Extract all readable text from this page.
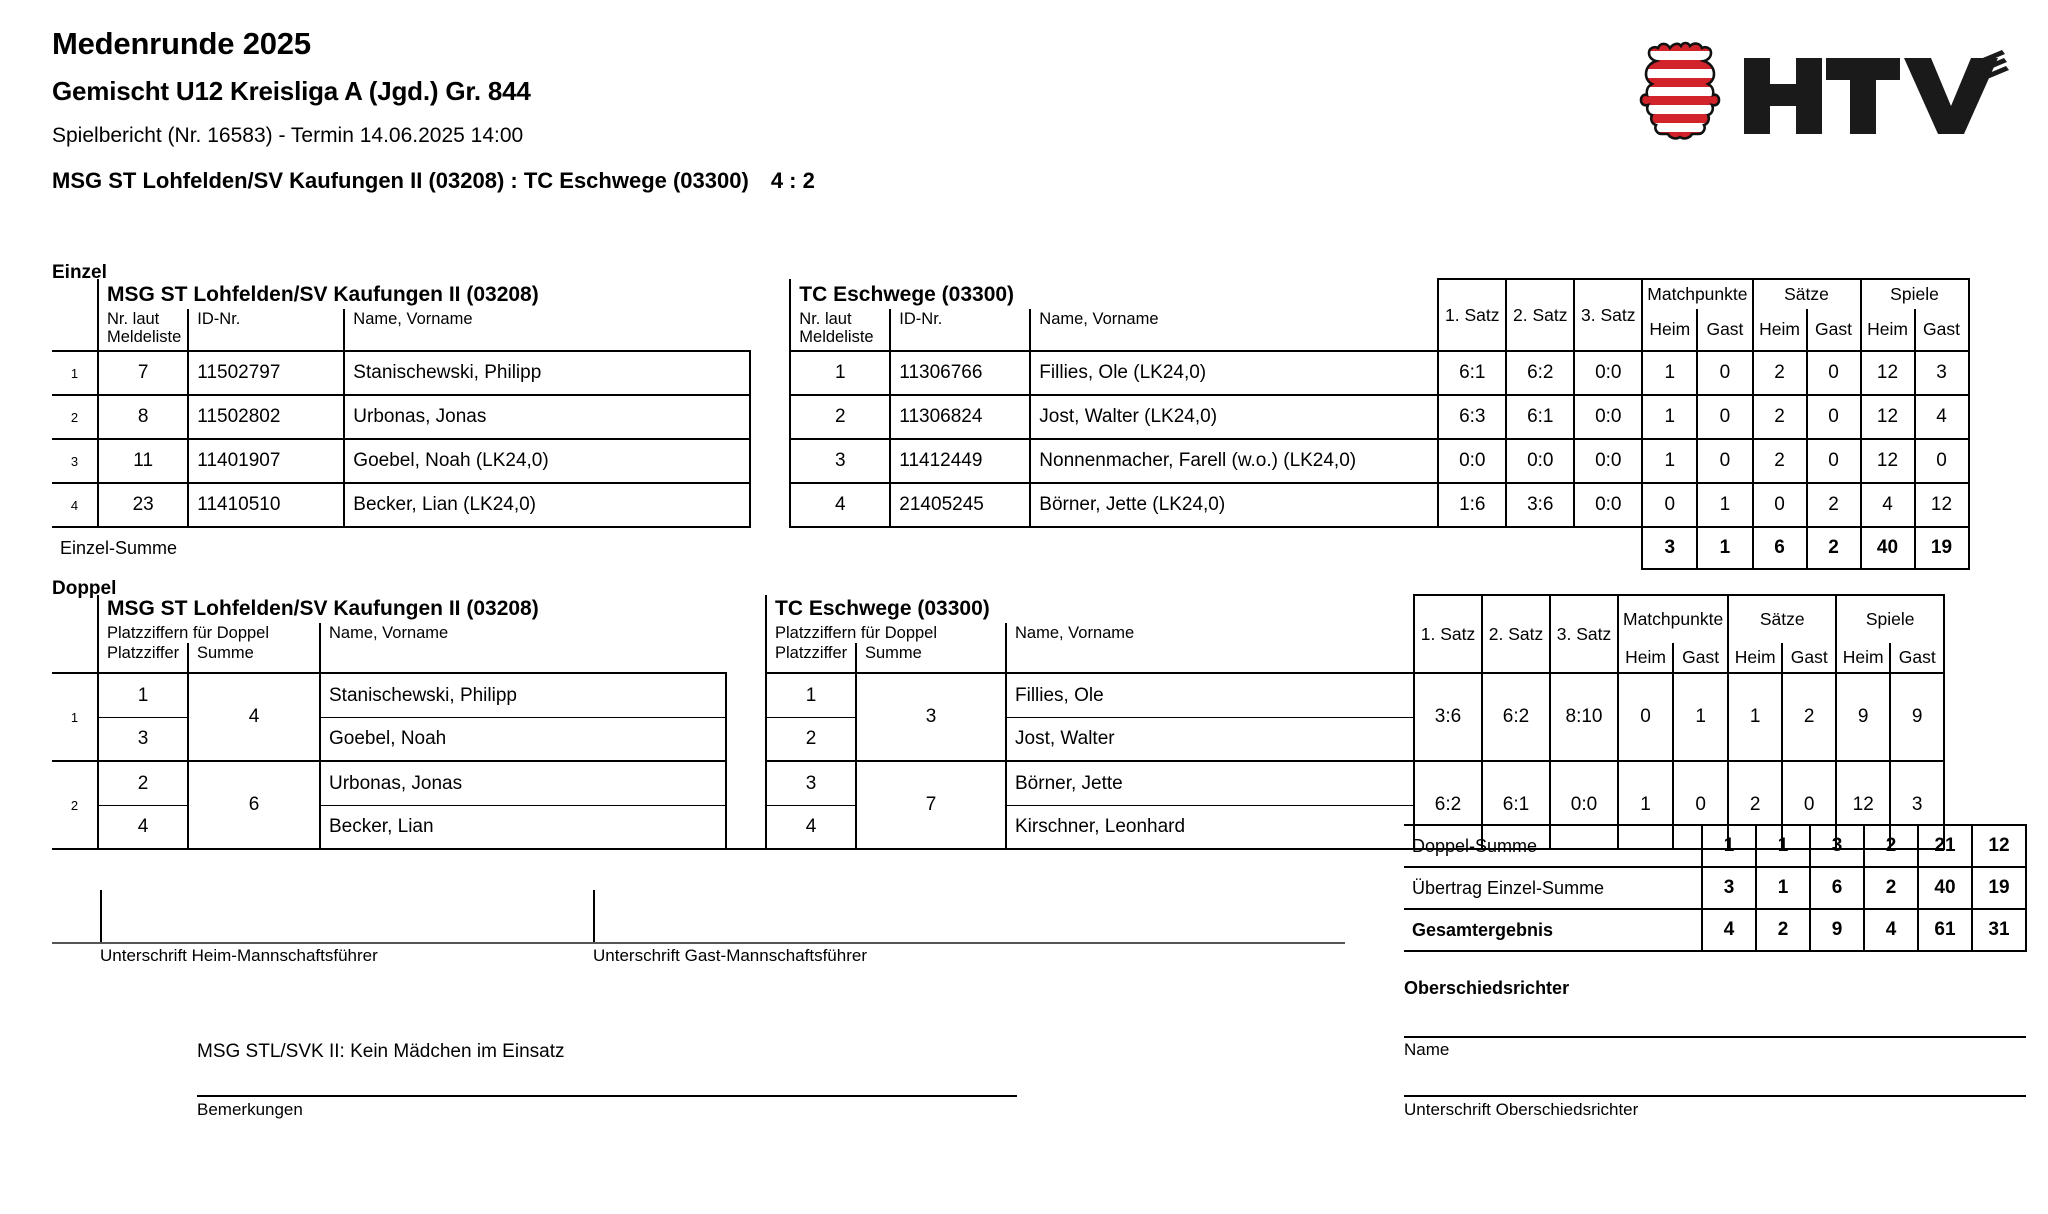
Medenrunde 2025
Gemischt U12 Kreisliga A (Jgd.) Gr. 844
Spielbericht (Nr. 16583) - Termin 14.06.2025 14:00
MSG ST Lohfelden/SV Kaufungen II (03208) : TC Eschwege (03300) 4 : 2
Einzel
	MSG ST Lohfelden/SV Kaufungen II (03208)				TC Eschwege (03300)			1. Satz	2. Satz	3. Satz	Matchpunkte		Sätze		Spiele	
	Nr. laut
Meldeliste	ID-Nr.	Name, Vorname		Nr. laut
Meldeliste	ID-Nr.	Name, Vorname				Heim	Gast	Heim	Gast	Heim	Gast
1	7	11502797	Stanischewski, Philipp		1	11306766	Fillies, Ole (LK24,0)	6:1	6:2	0:0	1	0	2	0	12	3
2	8	11502802	Urbonas, Jonas		2	11306824	Jost, Walter (LK24,0)	6:3	6:1	0:0	1	0	2	0	12	4
3	11	11401907	Goebel, Noah (LK24,0)		3	11412449	Nonnenmacher, Farell (w.o.) (LK24,0)	0:0	0:0	0:0	1	0	2	0	12	0
4	23	11410510	Becker, Lian (LK24,0)		4	21405245	Börner, Jette (LK24,0)	1:6	3:6	0:0	0	1	0	2	4	12
Einzel-Summe											3	1	6	2	40	19
Doppel
	MSG ST Lohfelden/SV Kaufungen II (03208)				TC Eschwege (03300)			1. Satz	2. Satz	3. Satz	Matchpunkte		Sätze		Spiele	
	Platzziffern für Doppel		Name, Vorname		Platzziffern für Doppel		Name, Vorname									
	Platzziffer	Summe			Platzziffer	Summe					Heim	Gast	Heim	Gast	Heim	Gast
1	1	4	Stanischewski, Philipp		1	3	Fillies, Ole	3:6	6:2	8:10	0	1	1	2	9	9
	3		Goebel, Noah		2		Jost, Walter									
2	2	6	Urbonas, Jonas		3	7	Börner, Jette	6:2	6:1	0:0	1	0	2	0	12	3
	4		Becker, Lian		4		Kirschner, Leonhard									

Doppel-Summe	1	1	3	2	21	12
Übertrag Einzel-Summe	3	1	6	2	40	19
Gesamtergebnis	4	2	9	4	61	31

Unterschrift Heim-Mannschaftsführer	Unterschrift Gast-Mannschaftsführer
MSG STL/SVK II: Kein Mädchen im Einsatz
Bemerkungen
Oberschiedsrichter
Name
Unterschrift Oberschiedsrichter
